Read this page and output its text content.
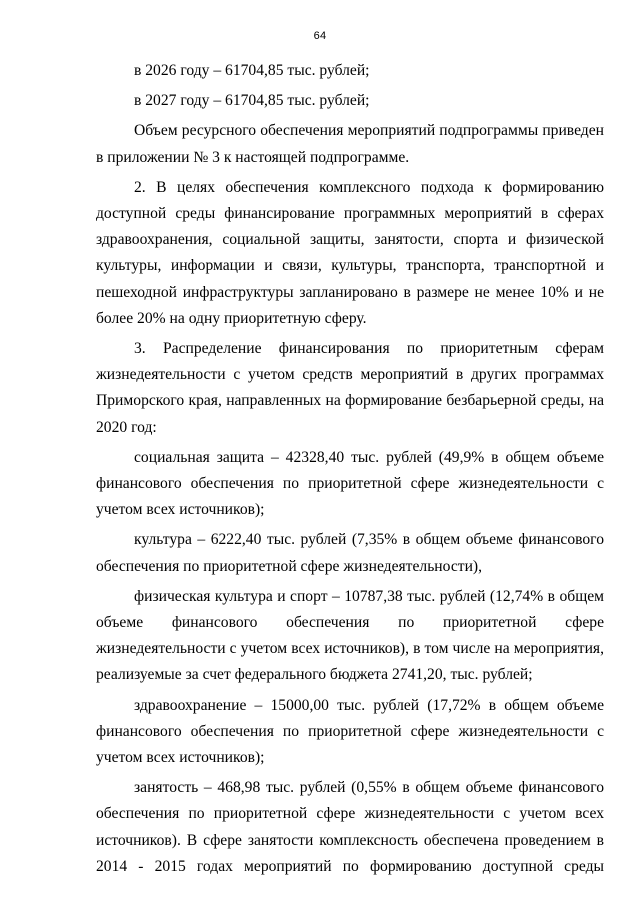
64

в 2026 году – 61704,85 тыс. рублей;

в 2027 году – 61704,85 тыс. рублей;

Объем ресурсного обеспечения мероприятий подпрограммы приведен в приложении № 3 к настоящей подпрограмме.

2. В целях обеспечения комплексного подхода к формированию доступной среды финансирование программных мероприятий в сферах здравоохранения, социальной защиты, занятости, спорта и физической культуры, информации и связи, культуры, транспорта, транспортной и пешеходной инфраструктуры запланировано в размере не менее 10% и не более 20% на одну приоритетную сферу.

3. Распределение финансирования по приоритетным сферам жизнедеятельности с учетом средств мероприятий в других программах Приморского края, направленных на формирование безбарьерной среды, на 2020 год:

социальная защита – 42328,40 тыс. рублей (49,9% в общем объеме финансового обеспечения по приоритетной сфере жизнедеятельности с учетом всех источников);

культура – 6222,40 тыс. рублей (7,35% в общем объеме финансового обеспечения по приоритетной сфере жизнедеятельности),

физическая культура и спорт – 10787,38 тыс. рублей (12,74% в общем объеме финансового обеспечения по приоритетной сфере жизнедеятельности с учетом всех источников), в том числе на мероприятия, реализуемые за счет федерального бюджета 2741,20, тыс. рублей;

здравоохранение – 15000,00 тыс. рублей (17,72% в общем объеме финансового обеспечения по приоритетной сфере жизнедеятельности с учетом всех источников);

занятость – 468,98 тыс. рублей (0,55% в общем объеме финансового обеспечения по приоритетной сфере жизнедеятельности с учетом всех источников). В сфере занятости комплексность обеспечена проведением в 2014 - 2015 годах мероприятий по формированию доступной среды
